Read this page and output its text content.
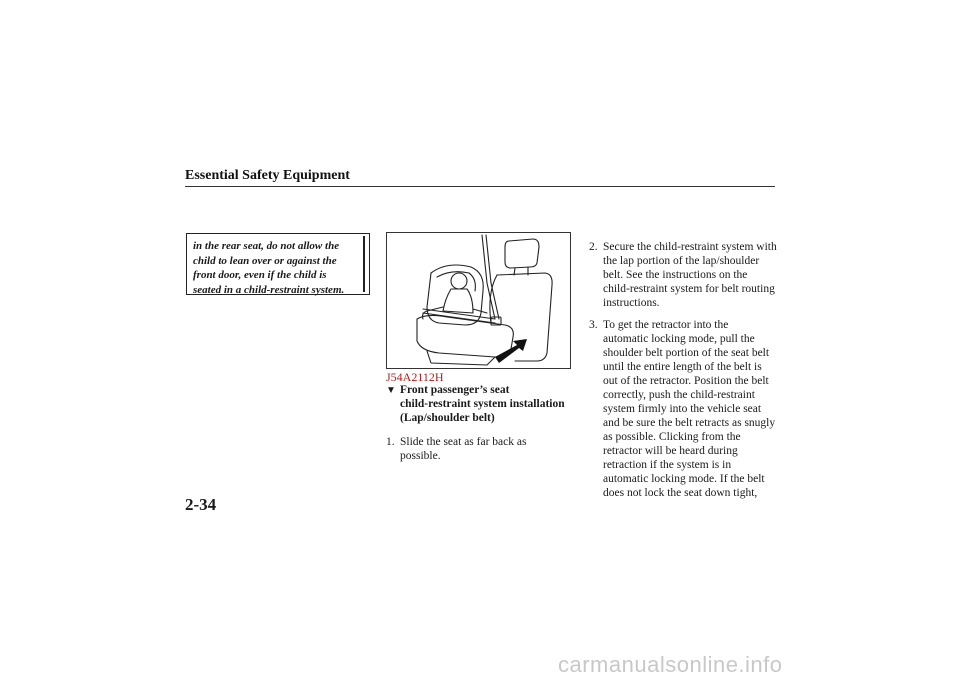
Essential Safety Equipment
in the rear seat, do not allow the
child to lean over or against the
front door, even if the child is
seated in a child-restraint system.
J54A2112H
▼ Front passenger’s seat
child-restraint system installation
(Lap/shoulder belt)
1. Slide the seat as far back as
possible.
2. Secure the child-restraint system with
the lap portion of the lap/shoulder
belt. See the instructions on the
child-restraint system for belt routing
instructions.
3. To get the retractor into the
automatic locking mode, pull the
shoulder belt portion of the seat belt
until the entire length of the belt is
out of the retractor. Position the belt
correctly, push the child-restraint
system firmly into the vehicle seat
and be sure the belt retracts as snugly
as possible. Clicking from the
retractor will be heard during
retraction if the system is in
automatic locking mode. If the belt
does not lock the seat down tight,
2-34
carmanualsonline.info
